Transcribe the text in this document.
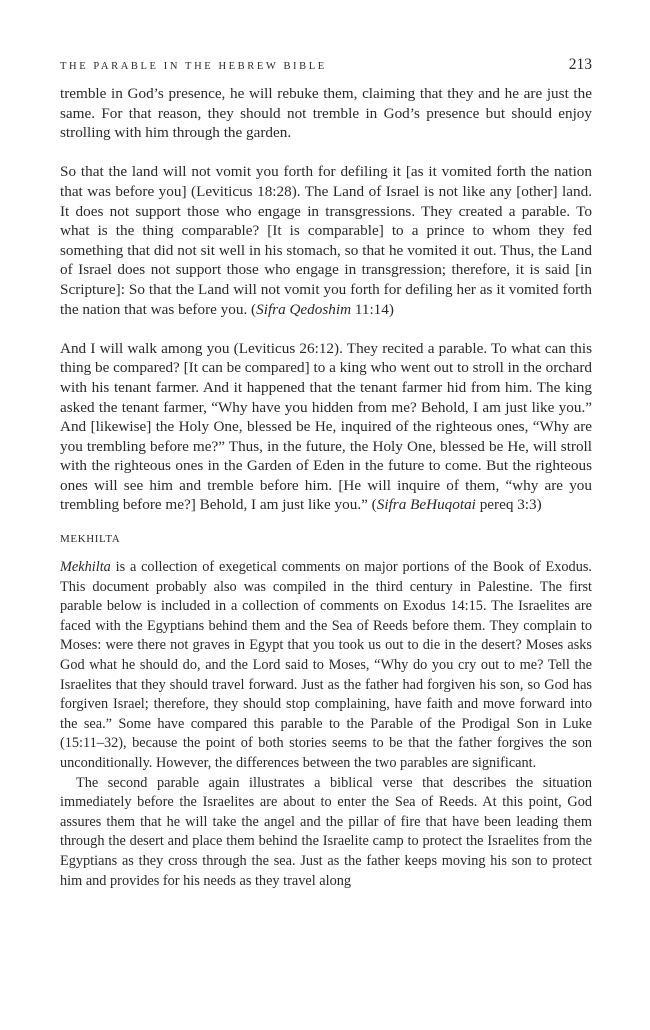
THE PARABLE IN THE HEBREW BIBLE	213

tremble in God’s presence, he will rebuke them, claiming that they and he are just the same. For that reason, they should not tremble in God’s presence but should enjoy strolling with him through the garden.

So that the land will not vomit you forth for defiling it [as it vomited forth the nation that was before you] (Leviticus 18:28). The Land of Israel is not like any [other] land. It does not support those who engage in transgressions. They created a parable. To what is the thing comparable? [It is comparable] to a prince to whom they fed something that did not sit well in his stomach, so that he vomited it out. Thus, the Land of Israel does not support those who engage in transgression; therefore, it is said [in Scripture]: So that the Land will not vomit you forth for defiling her as it vomited forth the nation that was before you. (Sifra Qedoshim 11:14)

And I will walk among you (Leviticus 26:12). They recited a parable. To what can this thing be compared? [It can be compared] to a king who went out to stroll in the orchard with his tenant farmer. And it happened that the tenant farmer hid from him. The king asked the tenant farmer, “Why have you hidden from me? Behold, I am just like you.” And [likewise] the Holy One, blessed be He, inquired of the righteous ones, “Why are you trembling before me?” Thus, in the future, the Holy One, blessed be He, will stroll with the righteous ones in the Garden of Eden in the future to come. But the righteous ones will see him and tremble before him. [He will inquire of them, “why are you trembling before me?] Behold, I am just like you.” (Sifra BeHuqotai pereq 3:3)

MEKHILTA

Mekhilta is a collection of exegetical comments on major portions of the Book of Exodus. This document probably also was compiled in the third century in Palestine. The first parable below is included in a collection of comments on Exodus 14:15. The Israelites are faced with the Egyptians behind them and the Sea of Reeds before them. They complain to Moses: were there not graves in Egypt that you took us out to die in the desert? Moses asks God what he should do, and the Lord said to Moses, “Why do you cry out to me? Tell the Israelites that they should travel forward. Just as the father had forgiven his son, so God has forgiven Israel; therefore, they should stop complaining, have faith and move forward into the sea.” Some have compared this parable to the Parable of the Prodigal Son in Luke (15:11–32), because the point of both stories seems to be that the father forgives the son unconditionally. However, the differences between the two parables are significant.

The second parable again illustrates a biblical verse that describes the situation immediately before the Israelites are about to enter the Sea of Reeds. At this point, God assures them that he will take the angel and the pillar of fire that have been leading them through the desert and place them behind the Israelite camp to protect the Israelites from the Egyptians as they cross through the sea. Just as the father keeps moving his son to protect him and provides for his needs as they travel along
